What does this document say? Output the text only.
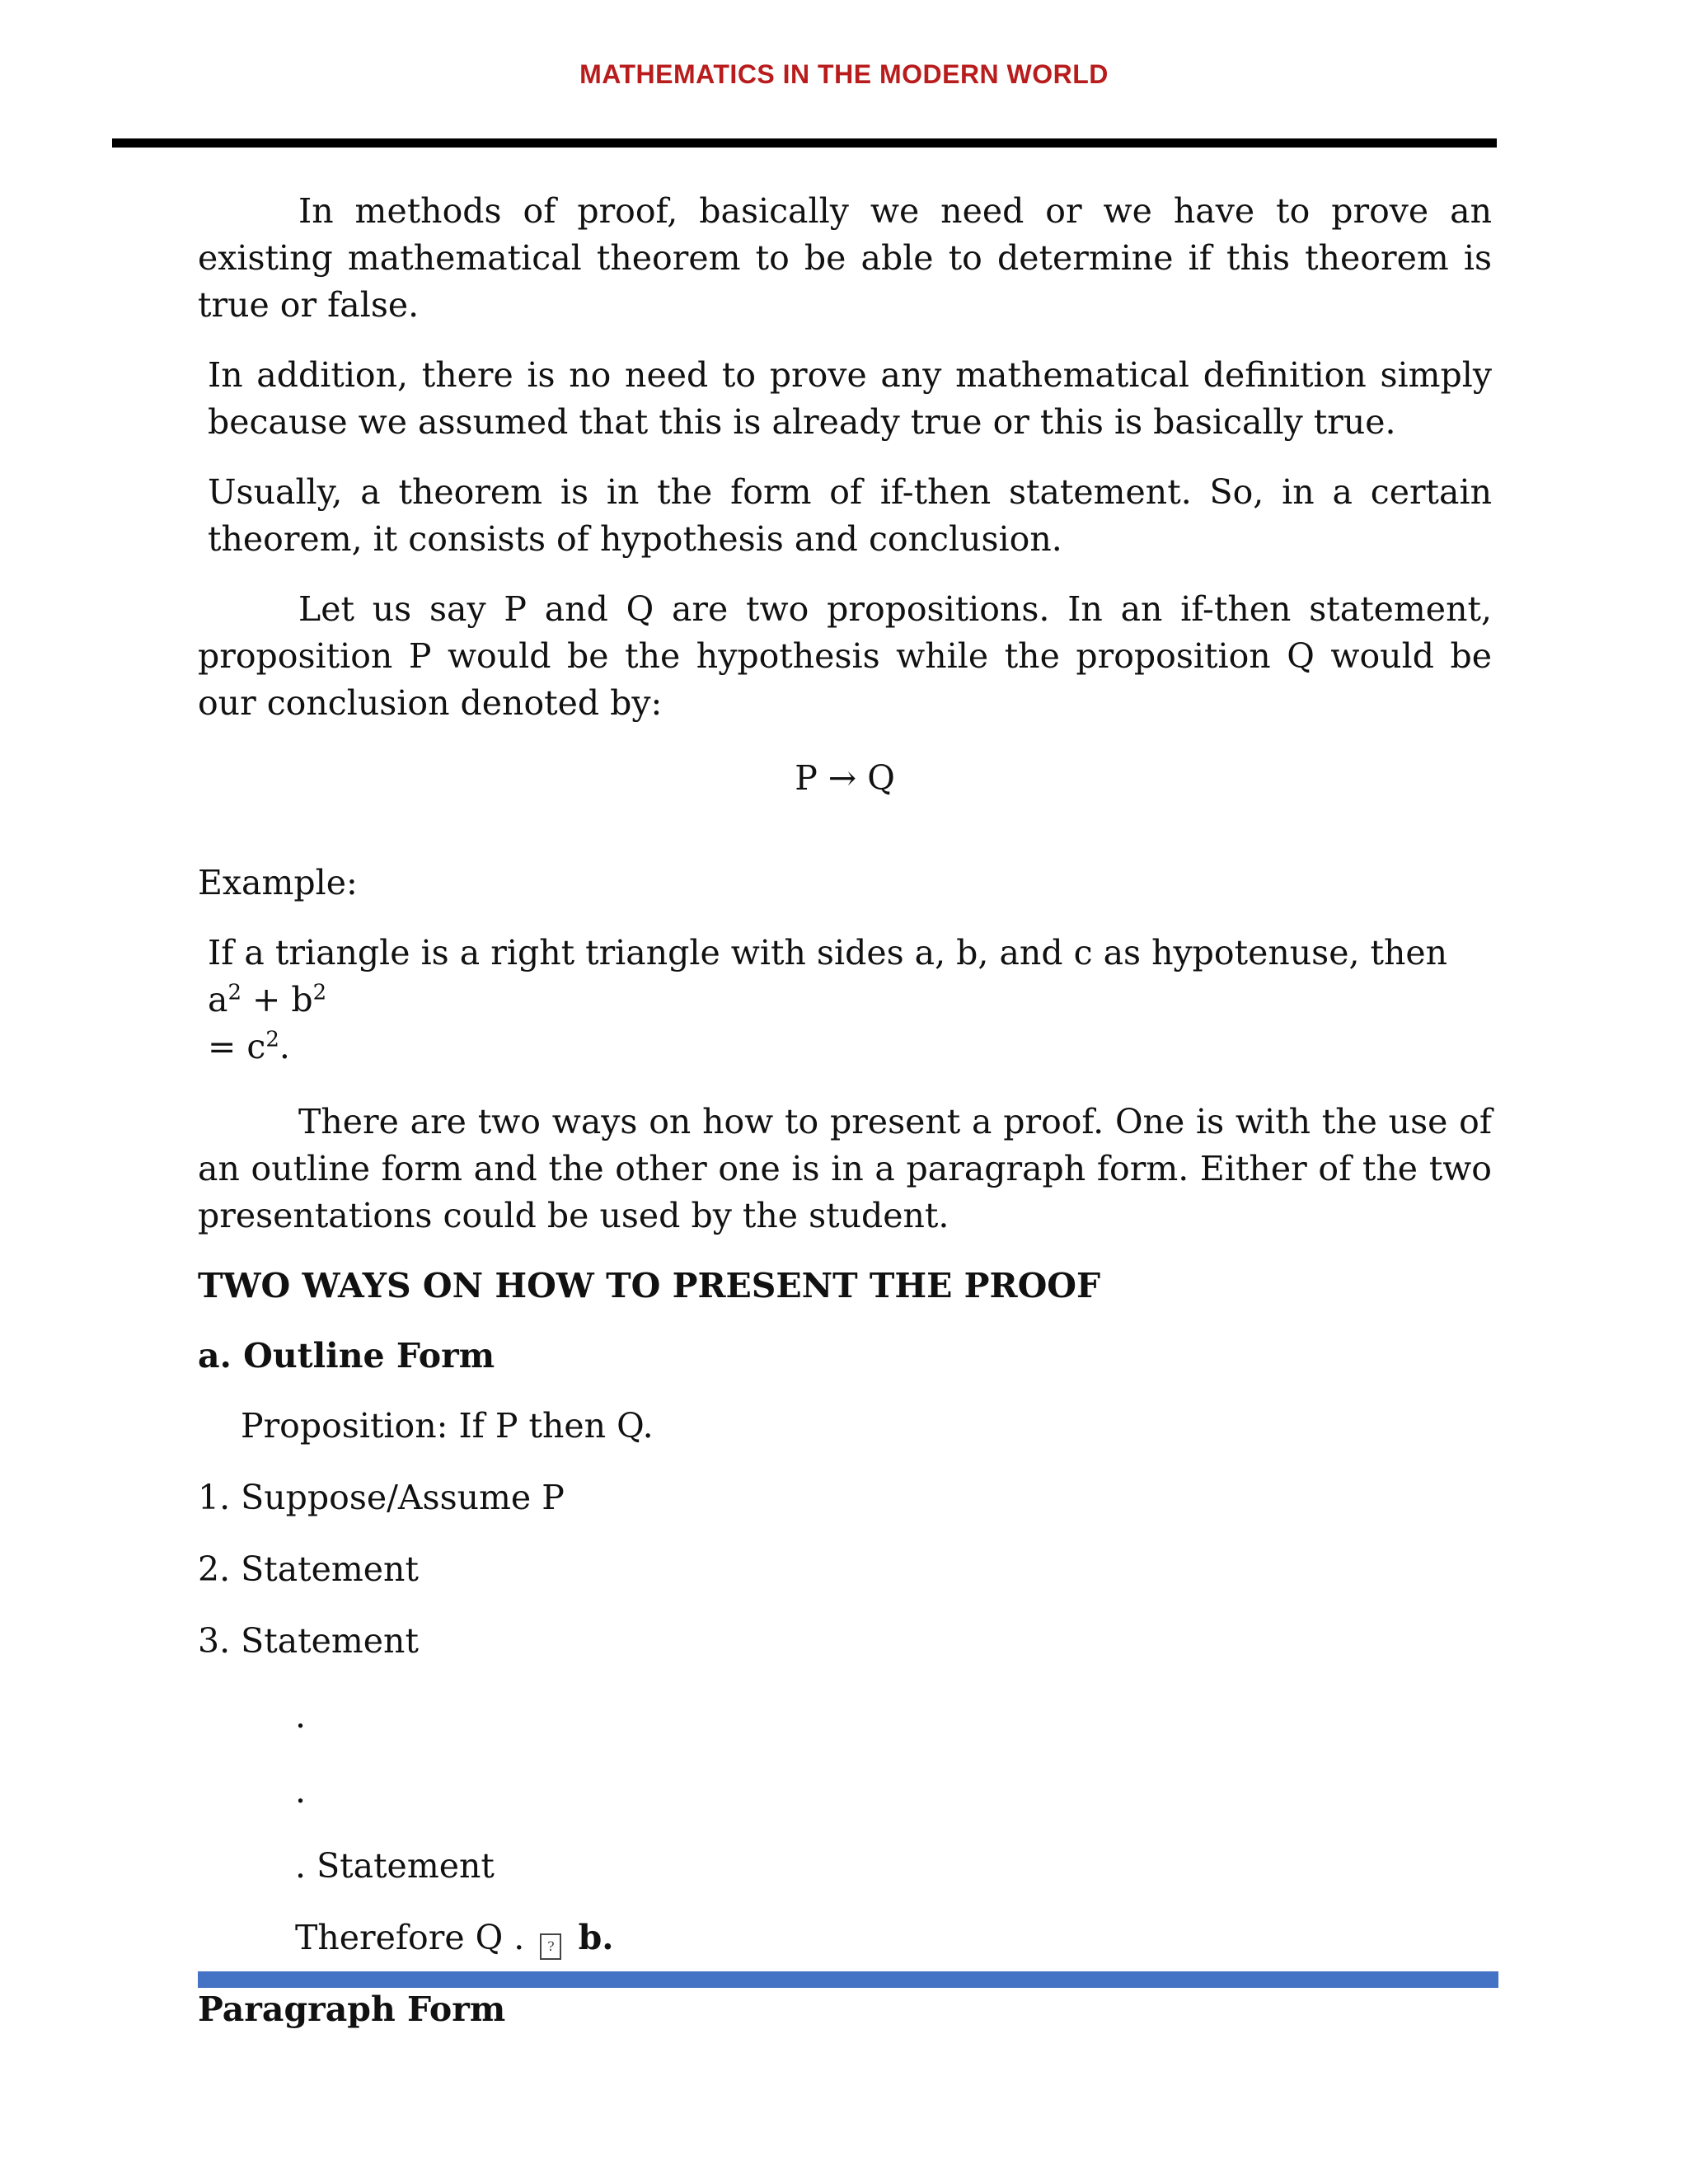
MATHEMATICS IN THE MODERN WORLD

In methods of proof, basically we need or we have to prove an existing mathematical theorem to be able to determine if this theorem is true or false.

In addition, there is no need to prove any mathematical definition simply because we assumed that this is already true or this is basically true.

Usually, a theorem is in the form of if-then statement. So, in a certain theorem, it consists of hypothesis and conclusion.

Let us say P and Q are two propositions. In an if-then statement, proposition P would be the hypothesis while the proposition Q would be our conclusion denoted by:

P → Q

Example:

If a triangle is a right triangle with sides a, b, and c as hypotenuse, then $a^2 + b^2$
= $c^2$.

There are two ways on how to present a proof. One is with the use of an outline form and the other one is in a paragraph form. Either of the two presentations could be used by the student.

TWO WAYS ON HOW TO PRESENT THE PROOF

a. Outline Form

Proposition: If P then Q.

1. Suppose/Assume P

2. Statement

3. Statement

.

.

. Statement

Therefore Q . ? b.

Paragraph Form
